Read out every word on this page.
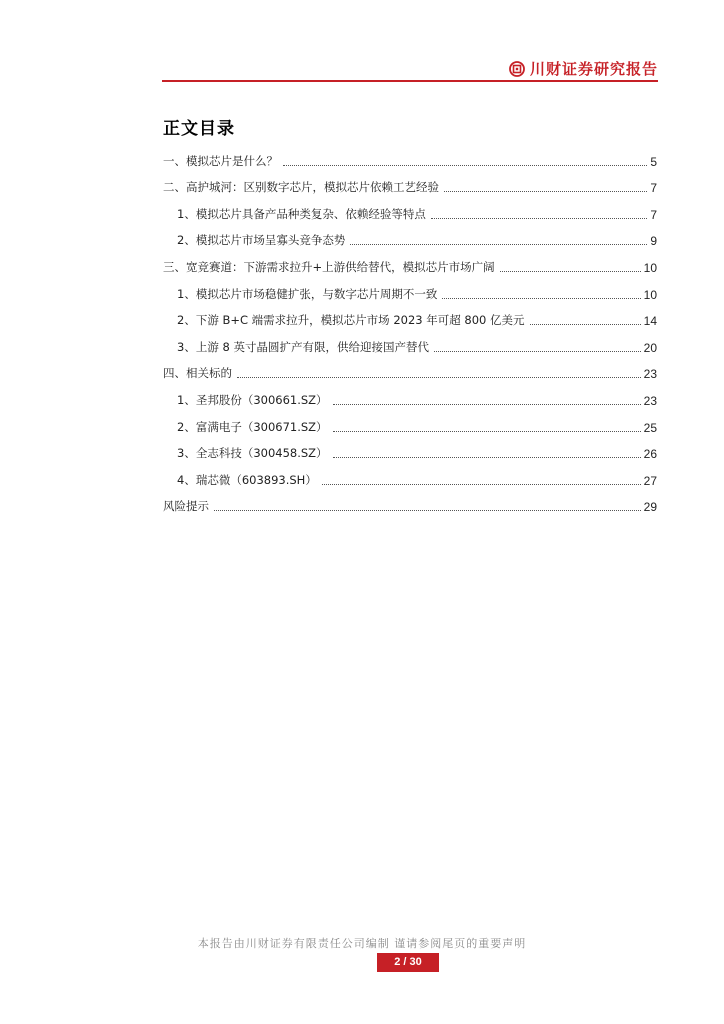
川财证券研究报告
正文目录
一、模拟芯片是什么？	5
二、高护城河：区别数字芯片，模拟芯片依赖工艺经验	7
1、模拟芯片具备产品种类复杂、依赖经验等特点	7
2、模拟芯片市场呈寡头竞争态势	9
三、宽竞赛道：下游需求拉升+上游供给替代，模拟芯片市场广阔	10
1、模拟芯片市场稳健扩张，与数字芯片周期不一致	10
2、下游 B+C 端需求拉升，模拟芯片市场 2023 年可超 800 亿美元	14
3、上游 8 英寸晶圆扩产有限，供给迎接国产替代	20
四、相关标的	23
1、圣邦股份（300661.SZ）	23
2、富满电子（300671.SZ）	25
3、全志科技（300458.SZ）	26
4、瑞芯微（603893.SH）	27
风险提示	29
本报告由川财证券有限责任公司编制 谨请参阅尾页的重要声明
2 / 30
